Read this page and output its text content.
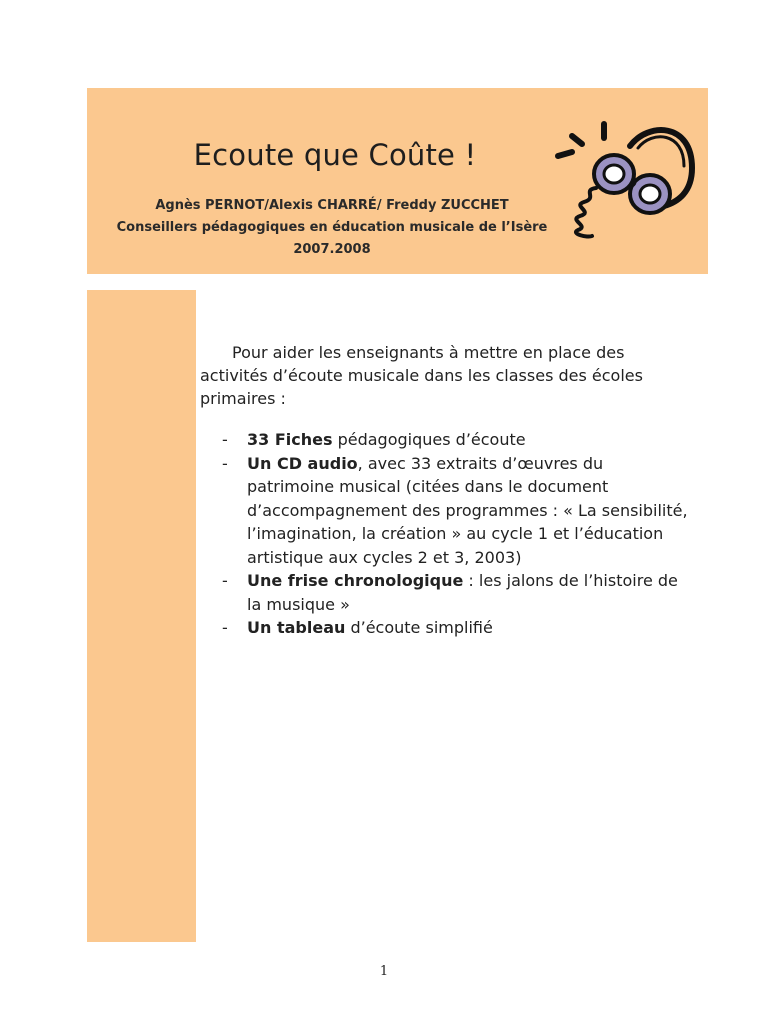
Ecoute que Coûte !
Agnès PERNOT/Alexis CHARRÉ/ Freddy ZUCCHET
Conseillers pédagogiques en éducation musicale de l’Isère
2007.2008
Pour aider les enseignants à mettre en place des
activités d’écoute musicale dans les classes des écoles
primaires :
- 33 Fiches pédagogiques d’écoute
- Un CD audio, avec 33 extraits d’œuvres du
patrimoine musical (citées dans le document
d’accompagnement des programmes : « La sensibilité,
l’imagination, la création » au cycle 1 et l’éducation
artistique aux cycles 2 et 3, 2003)
- Une frise chronologique : les jalons de l’histoire de
la musique »
- Un tableau d’écoute simplifié
1
